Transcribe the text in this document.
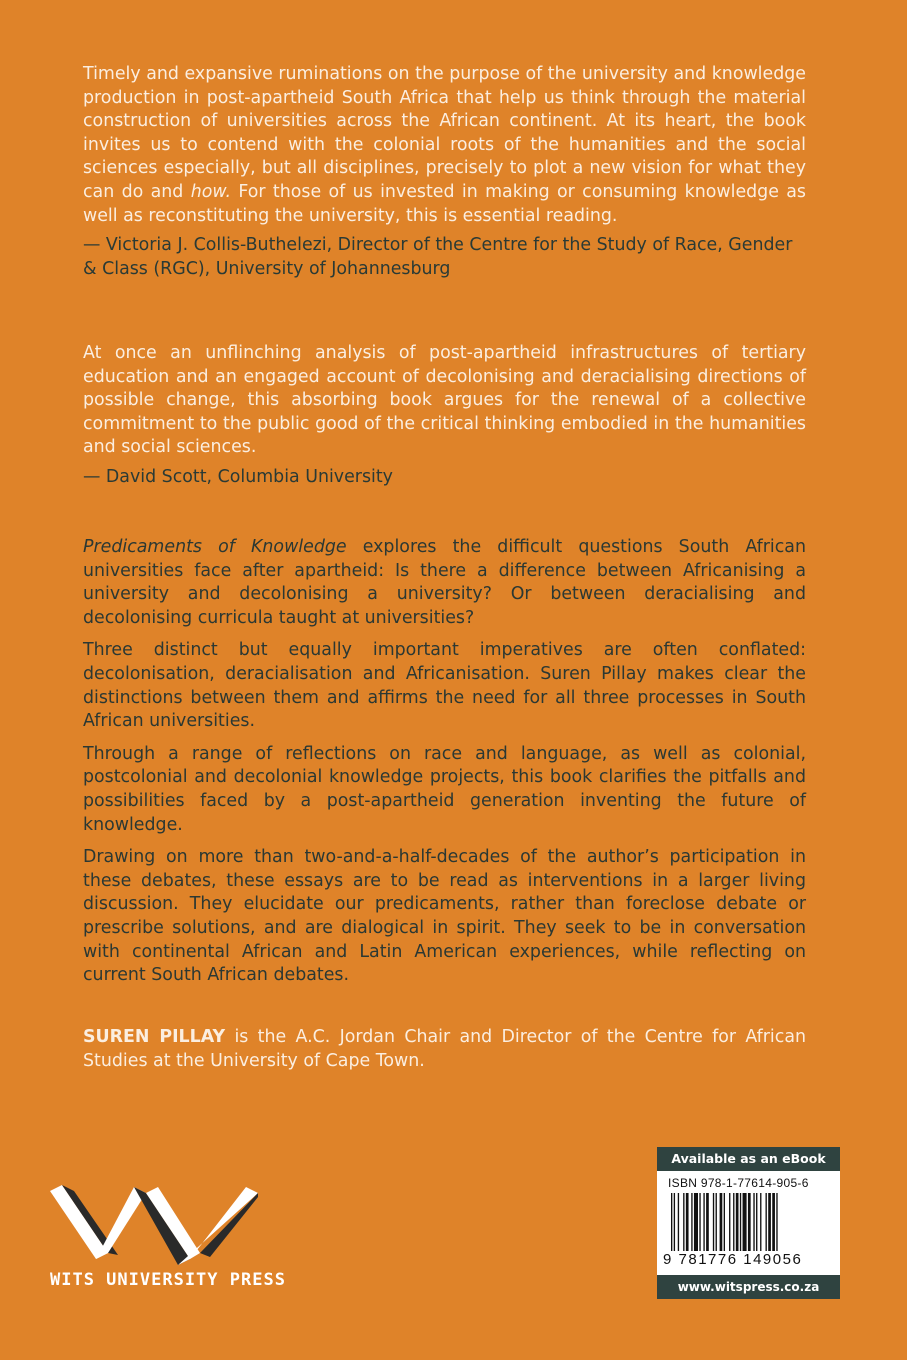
Timely and expansive ruminations on the purpose of the university and knowledge production in post-apartheid South Africa that help us think through the material construction of universities across the African continent. At its heart, the book invites us to contend with the colonial roots of the humanities and the social sciences especially, but all disciplines, precisely to plot a new vision for what they can do and how. For those of us invested in making or consuming knowledge as well as reconstituting the university, this is essential reading.

— Victoria J. Collis-Buthelezi, Director of the Centre for the Study of Race, Gender & Class (RGC), University of Johannesburg

At once an unflinching analysis of post-apartheid infrastructures of tertiary education and an engaged account of decolonising and deracialising directions of possible change, this absorbing book argues for the renewal of a collective commitment to the public good of the critical thinking embodied in the humanities and social sciences.

— David Scott, Columbia University

Predicaments of Knowledge explores the difficult questions South African universities face after apartheid: Is there a difference between Africanising a university and decolonising a university? Or between deracialising and decolonising curricula taught at universities?

Three distinct but equally important imperatives are often conflated: decolonisation, deracialisation and Africanisation. Suren Pillay makes clear the distinctions between them and affirms the need for all three processes in South African universities.

Through a range of reflections on race and language, as well as colonial, postcolonial and decolonial knowledge projects, this book clarifies the pitfalls and possibilities faced by a post-apartheid generation inventing the future of knowledge.

Drawing on more than two-and-a-half-decades of the author’s participation in these debates, these essays are to be read as interventions in a larger living discussion. They elucidate our predicaments, rather than foreclose debate or prescribe solutions, and are dialogical in spirit. They seek to be in conversation with continental African and Latin American experiences, while reflecting on current South African debates.

SUREN PILLAY is the A.C. Jordan Chair and Director of the Centre for African Studies at the University of Cape Town.

WITS UNIVERSITY PRESS
Available as an eBook
ISBN 978-1-77614-905-6
9 781776 149056
www.witspress.co.za
